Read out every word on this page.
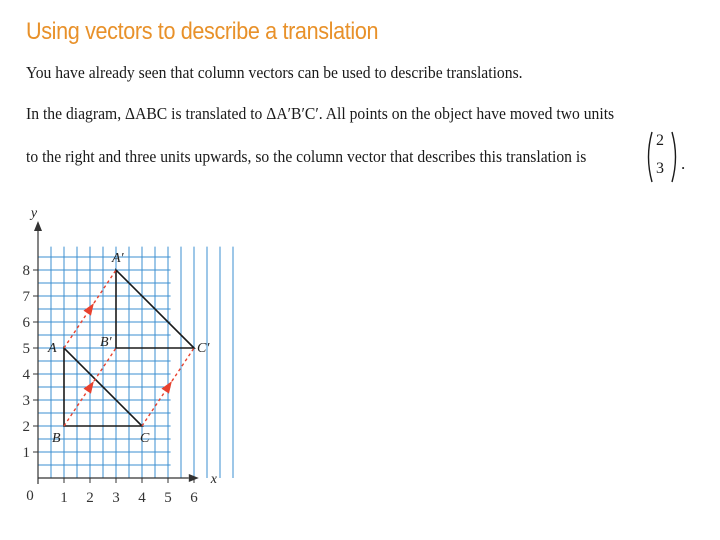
Using vectors to describe a translation
You have already seen that column vectors can be used to describe translations.
In the diagram, ΔABC is translated to ΔA′B′C′. All points on the object have moved two units
to the right and three units upwards, so the column vector that describes this translation is
2
3 .
1 2 3 4 5 6
1
2
3
4
5
6
7
8
0
x
y
A
B	C
A′
B′	C′
